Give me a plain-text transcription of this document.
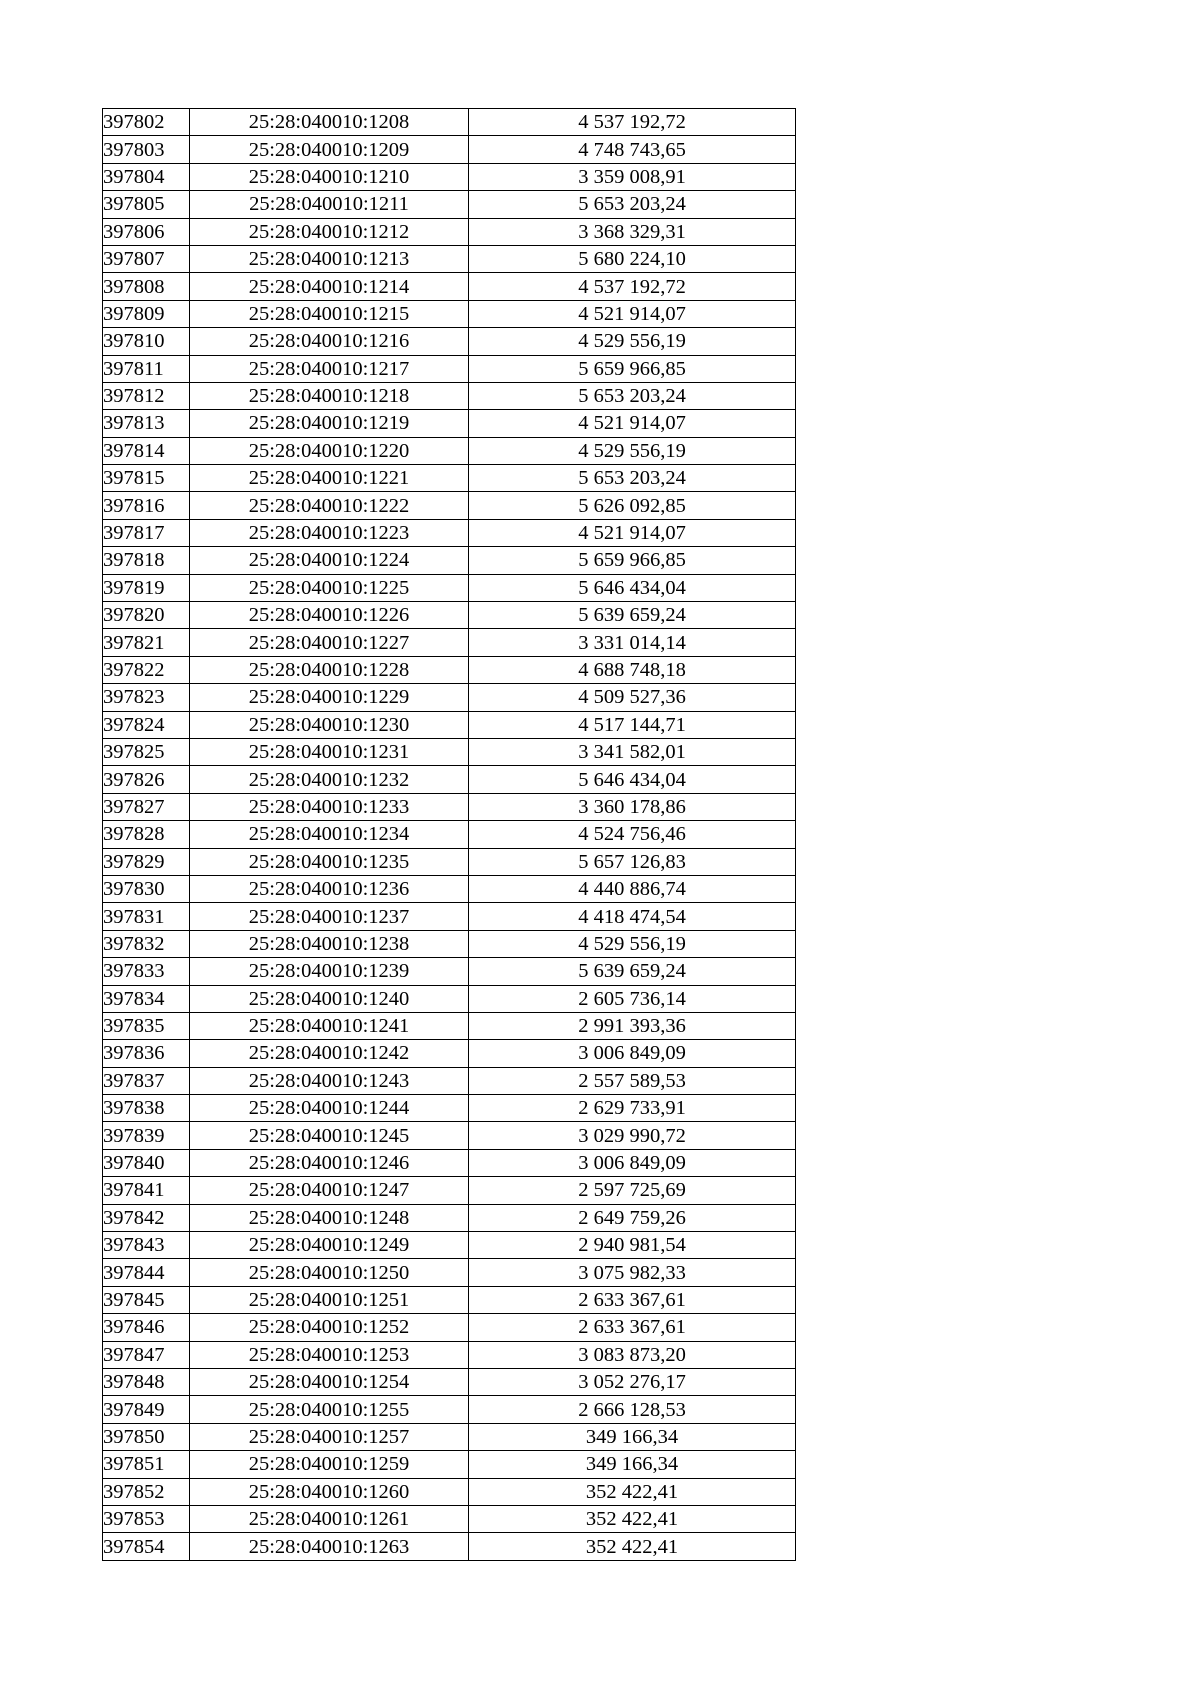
397802	25:28:040010:1208	4 537 192,72
397803	25:28:040010:1209	4 748 743,65
397804	25:28:040010:1210	3 359 008,91
397805	25:28:040010:1211	5 653 203,24
397806	25:28:040010:1212	3 368 329,31
397807	25:28:040010:1213	5 680 224,10
397808	25:28:040010:1214	4 537 192,72
397809	25:28:040010:1215	4 521 914,07
397810	25:28:040010:1216	4 529 556,19
397811	25:28:040010:1217	5 659 966,85
397812	25:28:040010:1218	5 653 203,24
397813	25:28:040010:1219	4 521 914,07
397814	25:28:040010:1220	4 529 556,19
397815	25:28:040010:1221	5 653 203,24
397816	25:28:040010:1222	5 626 092,85
397817	25:28:040010:1223	4 521 914,07
397818	25:28:040010:1224	5 659 966,85
397819	25:28:040010:1225	5 646 434,04
397820	25:28:040010:1226	5 639 659,24
397821	25:28:040010:1227	3 331 014,14
397822	25:28:040010:1228	4 688 748,18
397823	25:28:040010:1229	4 509 527,36
397824	25:28:040010:1230	4 517 144,71
397825	25:28:040010:1231	3 341 582,01
397826	25:28:040010:1232	5 646 434,04
397827	25:28:040010:1233	3 360 178,86
397828	25:28:040010:1234	4 524 756,46
397829	25:28:040010:1235	5 657 126,83
397830	25:28:040010:1236	4 440 886,74
397831	25:28:040010:1237	4 418 474,54
397832	25:28:040010:1238	4 529 556,19
397833	25:28:040010:1239	5 639 659,24
397834	25:28:040010:1240	2 605 736,14
397835	25:28:040010:1241	2 991 393,36
397836	25:28:040010:1242	3 006 849,09
397837	25:28:040010:1243	2 557 589,53
397838	25:28:040010:1244	2 629 733,91
397839	25:28:040010:1245	3 029 990,72
397840	25:28:040010:1246	3 006 849,09
397841	25:28:040010:1247	2 597 725,69
397842	25:28:040010:1248	2 649 759,26
397843	25:28:040010:1249	2 940 981,54
397844	25:28:040010:1250	3 075 982,33
397845	25:28:040010:1251	2 633 367,61
397846	25:28:040010:1252	2 633 367,61
397847	25:28:040010:1253	3 083 873,20
397848	25:28:040010:1254	3 052 276,17
397849	25:28:040010:1255	2 666 128,53
397850	25:28:040010:1257	349 166,34
397851	25:28:040010:1259	349 166,34
397852	25:28:040010:1260	352 422,41
397853	25:28:040010:1261	352 422,41
397854	25:28:040010:1263	352 422,41
